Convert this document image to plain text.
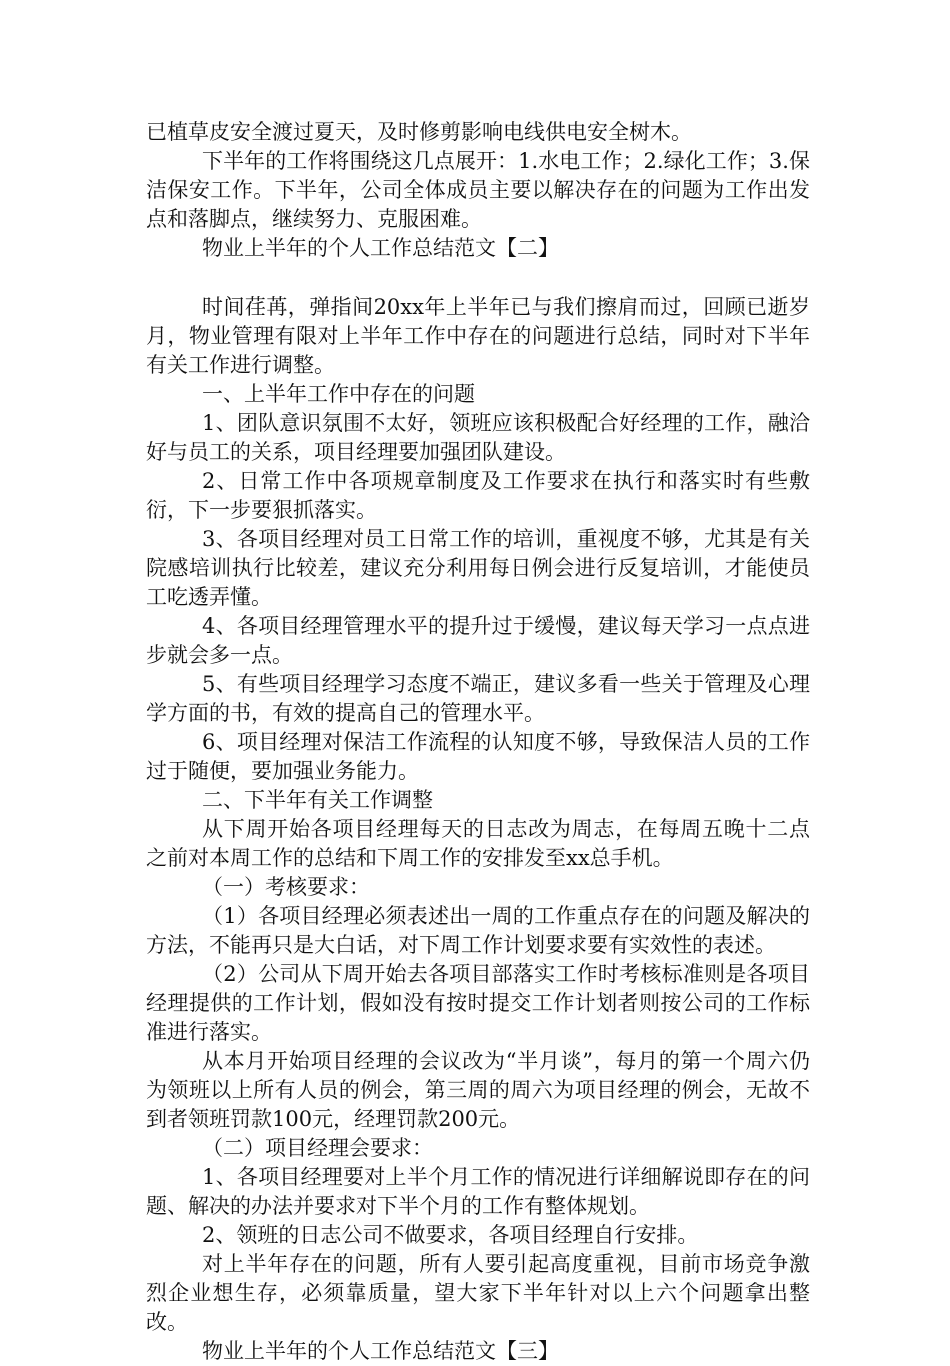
已植草皮安全渡过夏天，及时修剪影响电线供电安全树木。

下半年的工作将围绕这几点展开：1.水电工作；2.绿化工作；3.保洁保安工作。下半年，公司全体成员主要以解决存在的问题为工作出发点和落脚点，继续努力、克服困难。

物业上半年的个人工作总结范文【二】

时间荏苒，弹指间20xx年上半年已与我们擦肩而过，回顾已逝岁月，物业管理有限对上半年工作中存在的问题进行总结，同时对下半年有关工作进行调整。

一、上半年工作中存在的问题

1、团队意识氛围不太好，领班应该积极配合好经理的工作，融洽好与员工的关系，项目经理要加强团队建设。

2、日常工作中各项规章制度及工作要求在执行和落实时有些敷衍，下一步要狠抓落实。

3、各项目经理对员工日常工作的培训，重视度不够，尤其是有关院感培训执行比较差，建议充分利用每日例会进行反复培训，才能使员工吃透弄懂。

4、各项目经理管理水平的提升过于缓慢，建议每天学习一点点进步就会多一点。

5、有些项目经理学习态度不端正，建议多看一些关于管理及心理学方面的书，有效的提高自己的管理水平。

6、项目经理对保洁工作流程的认知度不够，导致保洁人员的工作过于随便，要加强业务能力。

二、下半年有关工作调整

从下周开始各项目经理每天的日志改为周志，在每周五晚十二点之前对本周工作的总结和下周工作的安排发至xx总手机。

（一）考核要求：

（1）各项目经理必须表述出一周的工作重点存在的问题及解决的方法，不能再只是大白话，对下周工作计划要求要有实效性的表述。

（2）公司从下周开始去各项目部落实工作时考核标准则是各项目经理提供的工作计划，假如没有按时提交工作计划者则按公司的工作标准进行落实。

从本月开始项目经理的会议改为“半月谈”，每月的第一个周六仍为领班以上所有人员的例会，第三周的周六为项目经理的例会，无故不到者领班罚款100元，经理罚款200元。

（二）项目经理会要求：

1、各项目经理要对上半个月工作的情况进行详细解说即存在的问题、解决的办法并要求对下半个月的工作有整体规划。

2、领班的日志公司不做要求，各项目经理自行安排。

对上半年存在的问题，所有人要引起高度重视，目前市场竞争激烈企业想生存，必须靠质量，望大家下半年针对以上六个问题拿出整改。

物业上半年的个人工作总结范文【三】
